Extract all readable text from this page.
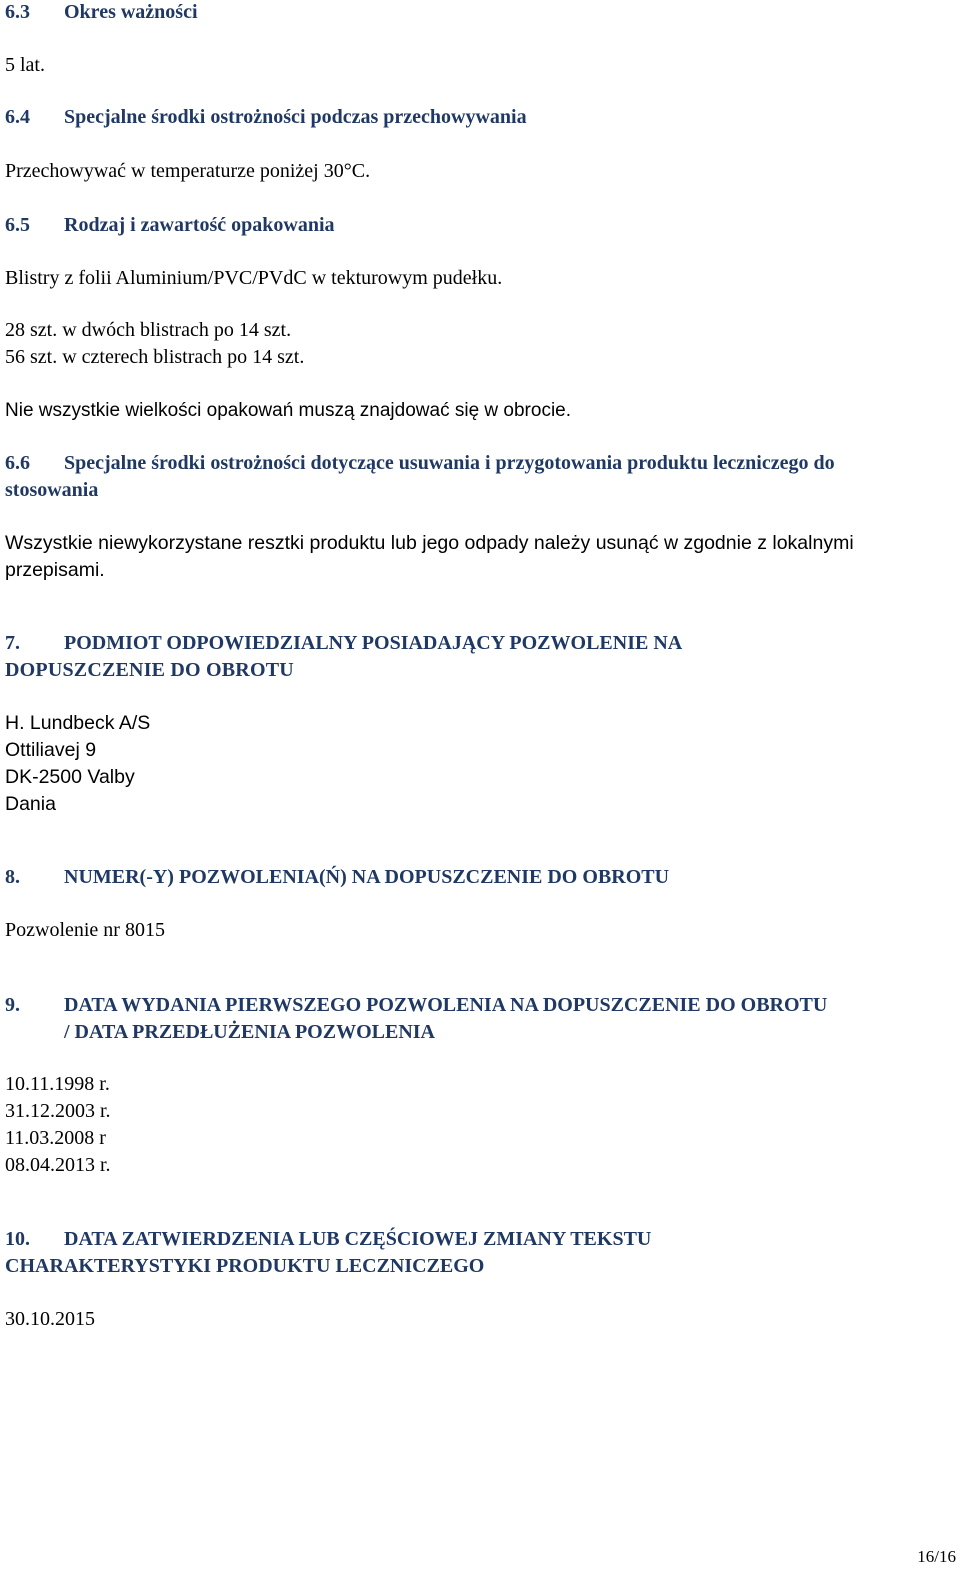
6.3 Okres ważności
5 lat.
6.4 Specjalne środki ostrożności podczas przechowywania
Przechowywać w temperaturze poniżej 30°C.
6.5 Rodzaj i zawartość opakowania
Blistry z folii Aluminium/PVC/PVdC w tekturowym pudełku.
28 szt. w dwóch blistrach po 14 szt.
56 szt. w czterech blistrach po 14 szt.
Nie wszystkie wielkości opakowań muszą znajdować się w obrocie.
6.6 Specjalne środki ostrożności dotyczące usuwania i przygotowania produktu leczniczego do
stosowania
Wszystkie niewykorzystane resztki produktu lub jego odpady należy usunąć w zgodnie z lokalnymi
przepisami.
7. PODMIOT ODPOWIEDZIALNY POSIADAJĄCY POZWOLENIE NA
DOPUSZCZENIE DO OBROTU
H. Lundbeck A/S
Ottiliavej 9
DK-2500 Valby
Dania
8. NUMER(-Y) POZWOLENIA(Ń) NA DOPUSZCZENIE DO OBROTU
Pozwolenie nr 8015
9. DATA WYDANIA PIERWSZEGO POZWOLENIA NA DOPUSZCZENIE DO OBROTU
/ DATA PRZEDŁUŻENIA POZWOLENIA
10.11.1998 r.
31.12.2003 r.
11.03.2008 r
08.04.2013 r.
10. DATA ZATWIERDZENIA LUB CZĘŚCIOWEJ ZMIANY TEKSTU
CHARAKTERYSTYKI PRODUKTU LECZNICZEGO
30.10.2015
16/16
